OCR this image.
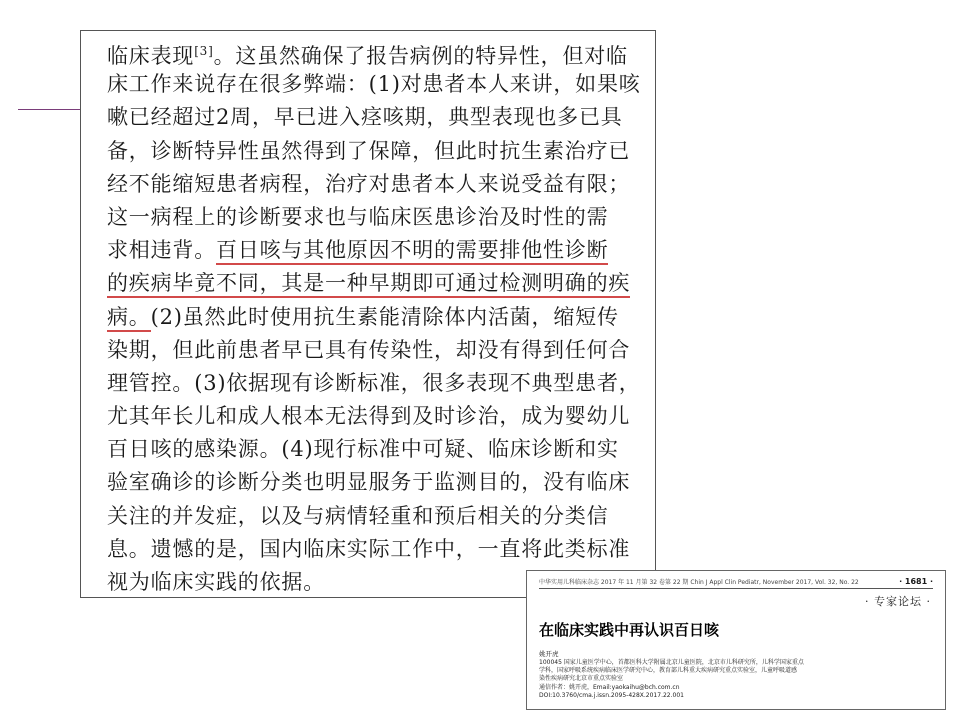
临床表现[3]。这虽然确保了报告病例的特异性，但对临
床工作来说存在很多弊端：(1)对患者本人来讲，如果咳
嗽已经超过2周，早已进入痉咳期，典型表现也多已具
备，诊断特异性虽然得到了保障，但此时抗生素治疗已
经不能缩短患者病程，治疗对患者本人来说受益有限；
这一病程上的诊断要求也与临床医患诊治及时性的需
求相违背。百日咳与其他原因不明的需要排他性诊断
的疾病毕竟不同，其是一种早期即可通过检测明确的疾
病。(2)虽然此时使用抗生素能清除体内活菌，缩短传
染期，但此前患者早已具有传染性，却没有得到任何合
理管控。(3)依据现有诊断标准，很多表现不典型患者，
尤其年长儿和成人根本无法得到及时诊治，成为婴幼儿
百日咳的感染源。(4)现行标准中可疑、临床诊断和实
验室确诊的诊断分类也明显服务于监测目的，没有临床
关注的并发症，以及与病情轻重和预后相关的分类信
息。遗憾的是，国内临床实际工作中，一直将此类标准
视为临床实践的依据。	中华实用儿科临床杂志 2017 年 11 月第 32 卷第 22 期 Chin J Appl Clin Pediatr, November 2017, Vol. 32, No. 22	· 1681 ·
· 专家论坛 ·
在临床实践中再认识百日咳
姚开虎
100045 国家儿童医学中心，首都医科大学附属北京儿童医院，北京市儿科研究所，儿科学国家重点
学科，国家呼吸系统疾病临床医学研究中心，教育部儿科重大疾病研究重点实验室，儿童呼吸道感
染性疾病研究北京市重点实验室
通信作者：姚开虎，Email:yaokaihu@bch.com.cn
DOI:10.3760/cma.j.issn.2095-428X.2017.22.001
